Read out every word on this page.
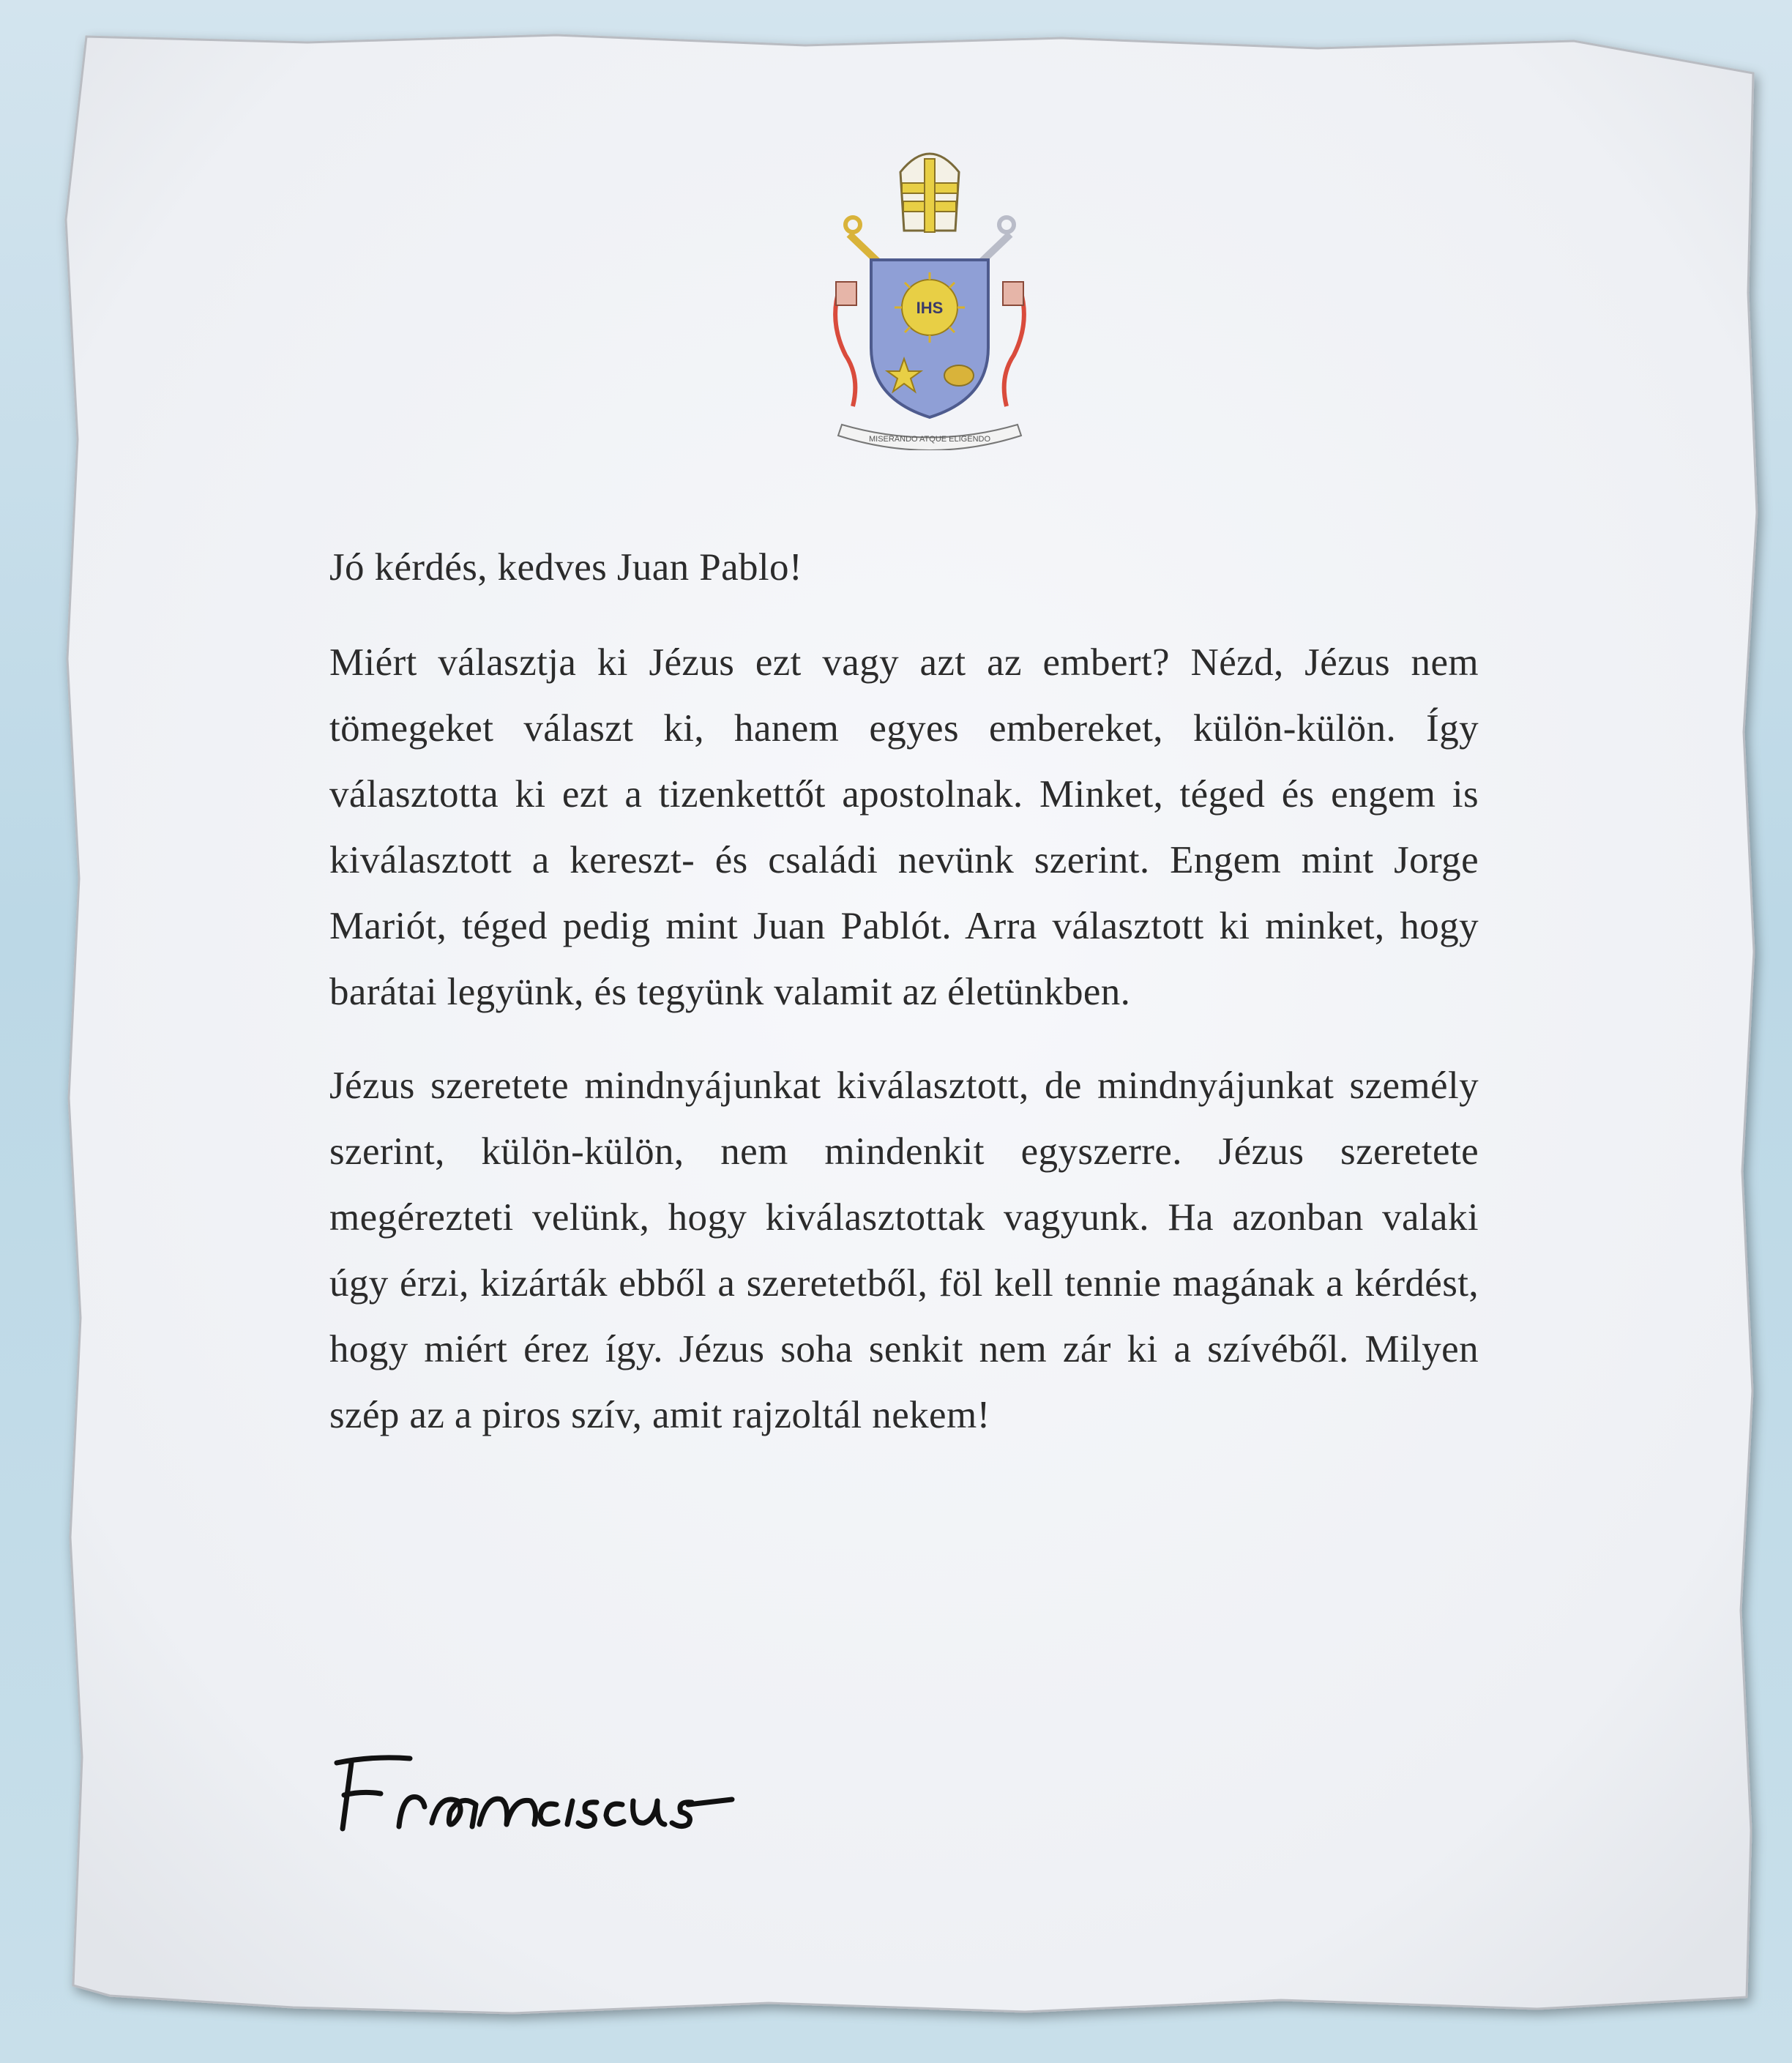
IHS
MISERANDO ATQUE ELIGENDO

Jó kérdés, kedves Juan Pablo!

Miért választja ki Jézus ezt vagy azt az embert? Nézd, Jézus nem tömegeket választ ki, hanem egyes embereket, külön-külön. Így választotta ki ezt a tizenkettőt apostolnak. Minket, téged és engem is kiválasztott a kereszt- és családi nevünk szerint. Engem mint Jorge Mariót, téged pedig mint Juan Pablót. Arra választott ki minket, hogy barátai legyünk, és tegyünk valamit az életünkben.

Jézus szeretete mindnyájunkat kiválasztott, de mindnyájunkat személy szerint, külön-külön, nem mindenkit egyszerre. Jézus szeretete megérezteti velünk, hogy kiválasztottak vagyunk. Ha azonban valaki úgy érzi, kizárták ebből a szeretetből, föl kell tennie magának a kérdést, hogy miért érez így. Jézus soha senkit nem zár ki a szívéből. Milyen szép az a piros szív, amit rajzoltál nekem!
